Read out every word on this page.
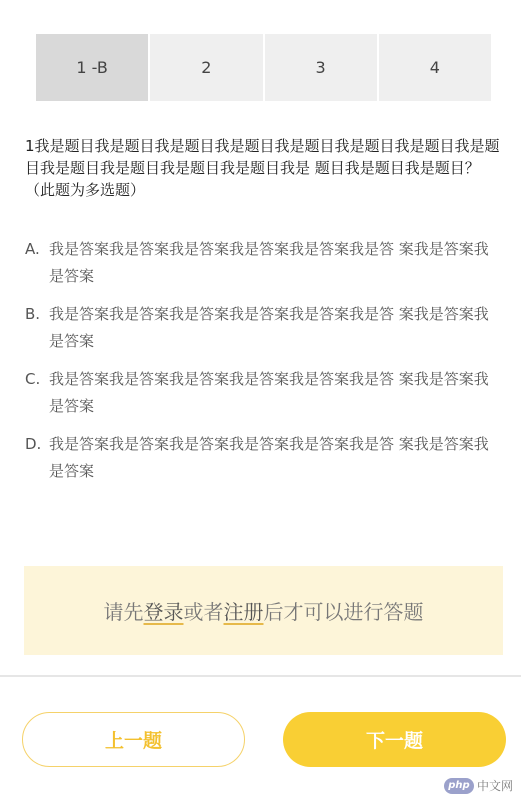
1 -B	2	3	4
1我是题目我是题目我是题目我是题目我是题目我是题目我是题目我是题目我是题目我是题目我是题目我是题目我是 题目我是题目我是题目？（此题为多选题）
A. 我是答案我是答案我是答案我是答案我是答案我是答 案我是答案我是答案
B. 我是答案我是答案我是答案我是答案我是答案我是答 案我是答案我是答案
C. 我是答案我是答案我是答案我是答案我是答案我是答 案我是答案我是答案
D. 我是答案我是答案我是答案我是答案我是答案我是答 案我是答案我是答案
请先 登录 或者 注册 后才可以进行答题
上一题	下一题
php 中文网
